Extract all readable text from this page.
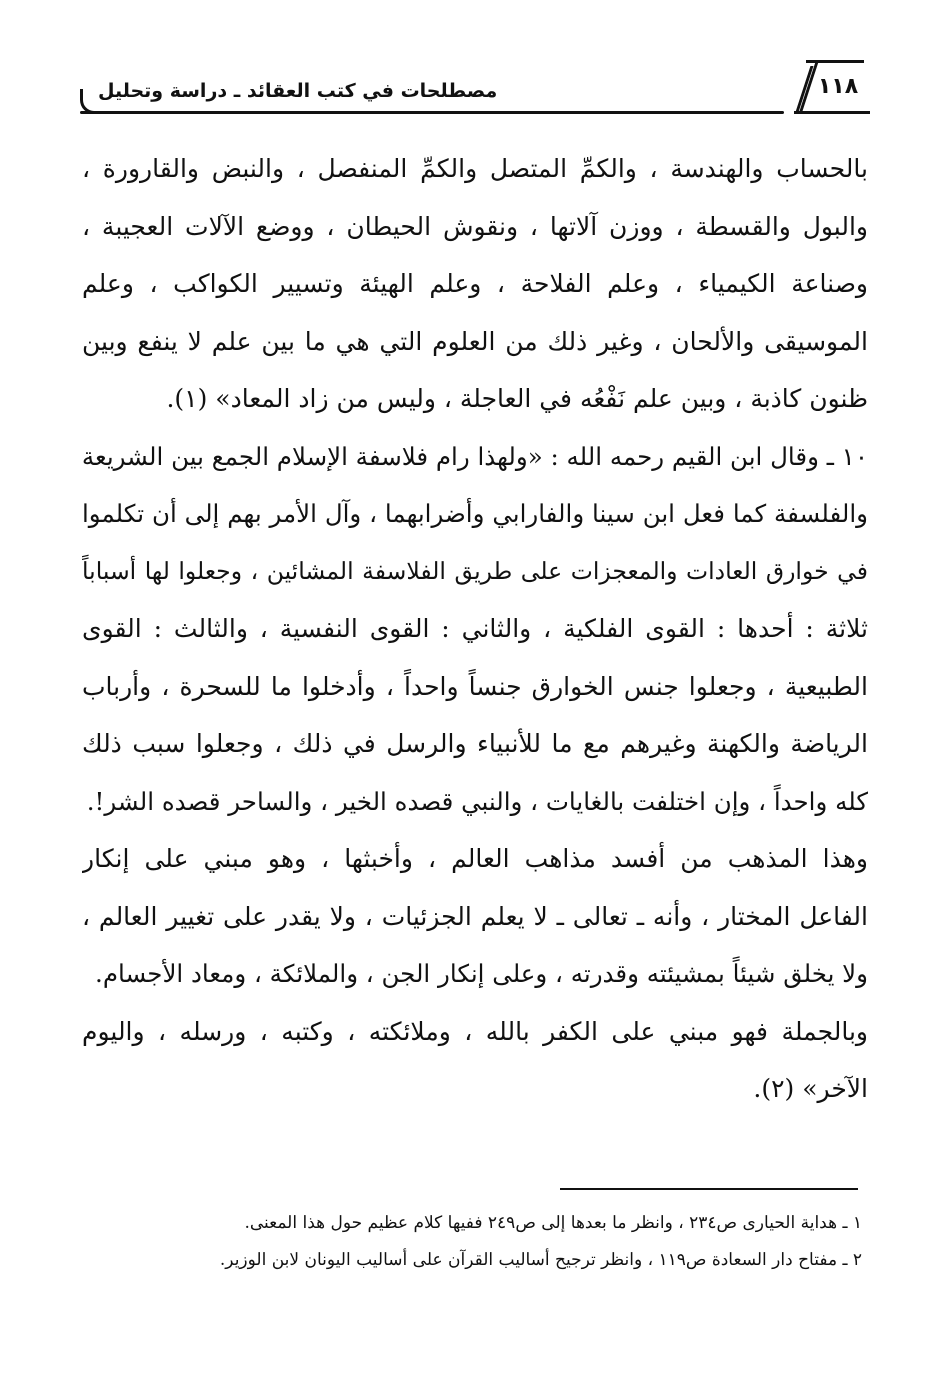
مصطلحات في كتب العقائد ـ دراسة وتحليل	١١٨
بالحساب والهندسة ، والكمِّ المتصل والكمِّ المنفصل ، والنبض والقارورة ،
والبول والقسطة ، ووزن آلاتها ، ونقوش الحيطان ، ووضع الآلات العجيبة ،
وصناعة الكيمياء ، وعلم الفلاحة ، وعلم الهيئة وتسيير الكواكب ، وعلم
الموسيقى والألحان ، وغير ذلك من العلوم التي هي ما بين علم لا ينفع وبين
ظنون كاذبة ، وبين علم نَفْعُه في العاجلة ، وليس من زاد المعاد» (١).
١٠ ـ وقال ابن القيم رحمه الله : «ولهذا رام فلاسفة الإسلام الجمع بين الشريعة
والفلسفة كما فعل ابن سينا والفارابي وأضرابهما ، وآل الأمر بهم إلى أن تكلموا
في خوارق العادات والمعجزات على طريق الفلاسفة المشائين ، وجعلوا لها أسباباً
ثلاثة : أحدها : القوى الفلكية ، والثاني : القوى النفسية ، والثالث : القوى
الطبيعية ، وجعلوا جنس الخوارق جنساً واحداً ، وأدخلوا ما للسحرة ، وأرباب
الرياضة والكهنة وغيرهم مع ما للأنبياء والرسل في ذلك ، وجعلوا سبب ذلك
كله واحداً ، وإن اختلفت بالغايات ، والنبي قصده الخير ، والساحر قصده الشر!.
وهذا المذهب من أفسد مذاهب العالم ، وأخبثها ، وهو مبني على إنكار
الفاعل المختار ، وأنه ـ تعالى ـ لا يعلم الجزئيات ، ولا يقدر على تغيير العالم ،
ولا يخلق شيئاً بمشيئته وقدرته ، وعلى إنكار الجن ، والملائكة ، ومعاد الأجسام.
وبالجملة فهو مبني على الكفر بالله ، وملائكته ، وكتبه ، ورسله ، واليوم
الآخر» (٢).
١ ـ هداية الحيارى ص٢٣٤ ، وانظر ما بعدها إلى ص٢٤٩ ففيها كلام عظيم حول هذا المعنى.
٢ ـ مفتاح دار السعادة ص١١٩ ، وانظر ترجيح أساليب القرآن على أساليب اليونان لابن الوزير.
